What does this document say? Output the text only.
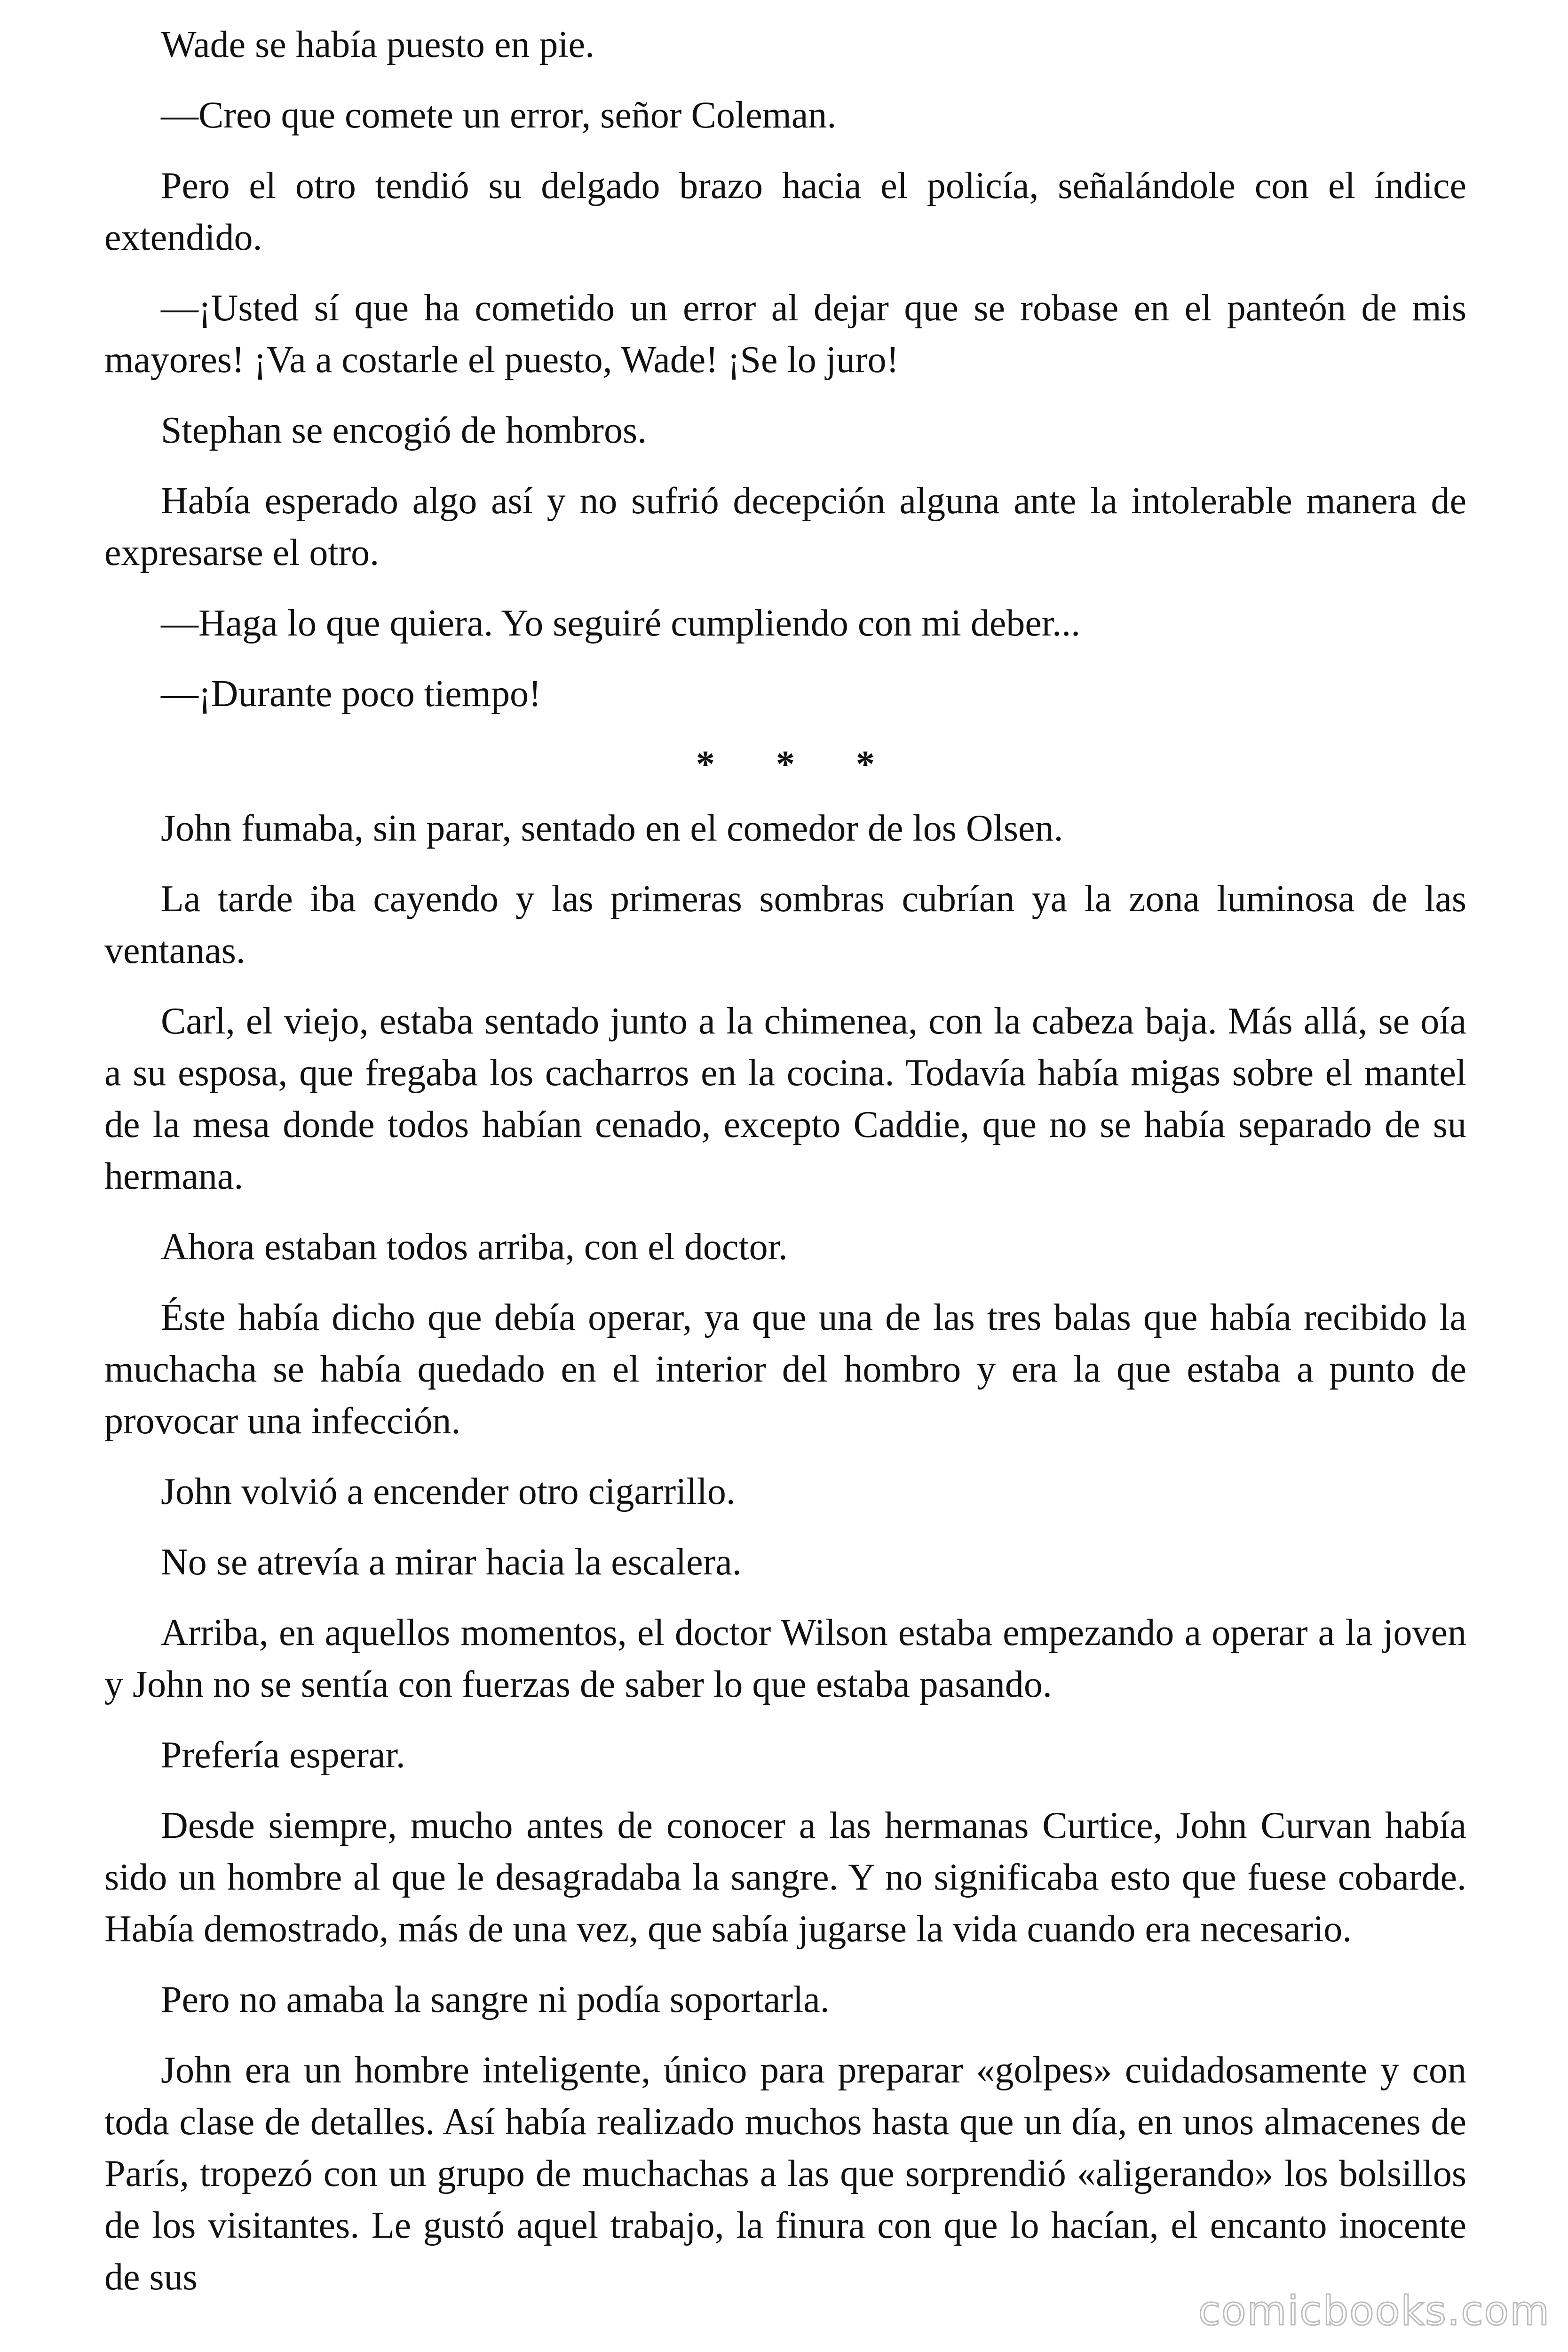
Wade se había puesto en pie.

—Creo que comete un error, señor Coleman.

Pero el otro tendió su delgado brazo hacia el policía, señalándole con el índice extendido.

—¡Usted sí que ha cometido un error al dejar que se robase en el panteón de mis mayores! ¡Va a costarle el puesto, Wade! ¡Se lo juro!

Stephan se encogió de hombros.

Había esperado algo así y no sufrió decepción alguna ante la intolerable manera de expresarse el otro.

—Haga lo que quiera. Yo seguiré cumpliendo con mi deber...

—¡Durante poco tiempo!

* * *

John fumaba, sin parar, sentado en el comedor de los Olsen.

La tarde iba cayendo y las primeras sombras cubrían ya la zona luminosa de las ventanas.

Carl, el viejo, estaba sentado junto a la chimenea, con la cabeza baja. Más allá, se oía a su esposa, que fregaba los cacharros en la cocina. Todavía había migas sobre el mantel de la mesa donde todos habían cenado, excepto Caddie, que no se había separado de su hermana.

Ahora estaban todos arriba, con el doctor.

Éste había dicho que debía operar, ya que una de las tres balas que había recibido la muchacha se había quedado en el interior del hombro y era la que estaba a punto de provocar una infección.

John volvió a encender otro cigarrillo.

No se atrevía a mirar hacia la escalera.

Arriba, en aquellos momentos, el doctor Wilson estaba empezando a operar a la joven y John no se sentía con fuerzas de saber lo que estaba pasando.

Prefería esperar.

Desde siempre, mucho antes de conocer a las hermanas Curtice, John Curvan había sido un hombre al que le desagradaba la sangre. Y no significaba esto que fuese cobarde. Había demostrado, más de una vez, que sabía jugarse la vida cuando era necesario.

Pero no amaba la sangre ni podía soportarla.

John era un hombre inteligente, único para preparar «golpes» cuidadosamente y con toda clase de detalles. Así había realizado muchos hasta que un día, en unos almacenes de París, tropezó con un grupo de muchachas a las que sorprendió «aligerando» los bolsillos de los visitantes. Le gustó aquel trabajo, la finura con que lo hacían, el encanto inocente de sus

comicbooks.com
